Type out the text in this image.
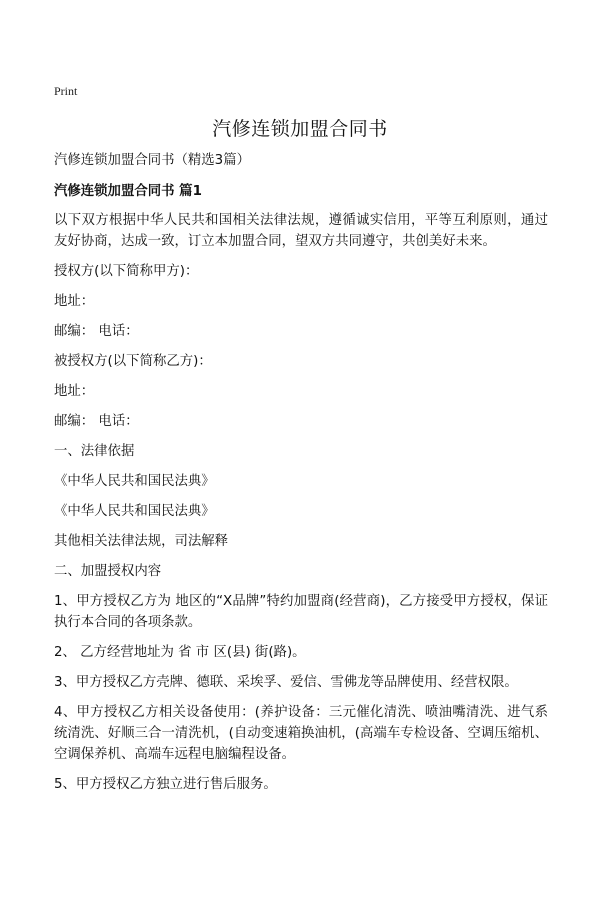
Print
汽修连锁加盟合同书
汽修连锁加盟合同书（精选3篇）
汽修连锁加盟合同书 篇1
以下双方根据中华人民共和国相关法律法规，遵循诚实信用，平等互利原则，通过友好协商，达成一致，订立本加盟合同，望双方共同遵守，共创美好未来。
授权方(以下简称甲方)：
地址：
邮编： 电话：
被授权方(以下简称乙方)：
地址：
邮编： 电话：
一、法律依据
《中华人民共和国民法典》
《中华人民共和国民法典》
其他相关法律法规，司法解释
二、加盟授权内容
1、甲方授权乙方为 地区的“X品牌”特约加盟商(经营商)，乙方接受甲方授权，保证执行本合同的各项条款。
2、 乙方经营地址为 省 市 区(县) 街(路)。
3、甲方授权乙方壳牌、德联、采埃孚、爱信、雪佛龙等品牌使用、经营权限。
4、甲方授权乙方相关设备使用：(养护设备：三元催化清洗、喷油嘴清洗、进气系统清洗、好顺三合一清洗机，(自动变速箱换油机，(高端车专检设备、空调压缩机、空调保养机、高端车远程电脑编程设备。
5、甲方授权乙方独立进行售后服务。
